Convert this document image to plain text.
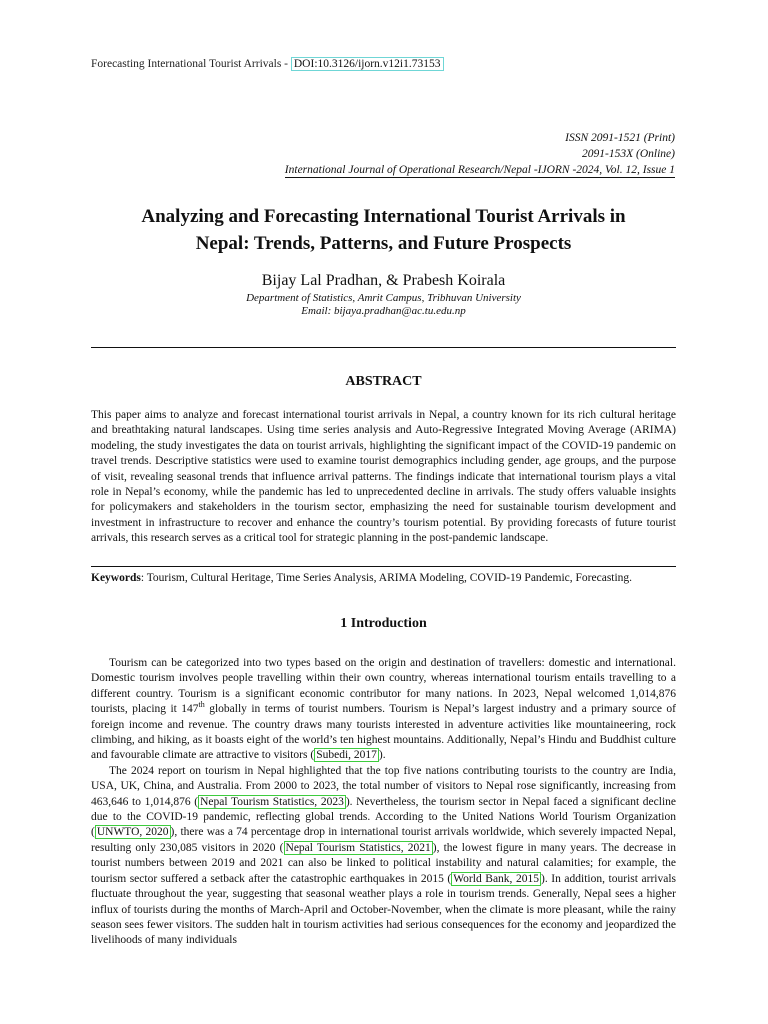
Forecasting International Tourist Arrivals - DOI:10.3126/ijorn.v12i1.73153
ISSN 2091-1521 (Print)
2091-153X (Online)
International Journal of Operational Research/Nepal -IJORN -2024, Vol. 12, Issue 1
Analyzing and Forecasting International Tourist Arrivals in
Nepal: Trends, Patterns, and Future Prospects
Bijay Lal Pradhan, & Prabesh Koirala
Department of Statistics, Amrit Campus, Tribhuvan University
Email: bijaya.pradhan@ac.tu.edu.np
ABSTRACT

This paper aims to analyze and forecast international tourist arrivals in Nepal, a country known for its rich cultural heritage and breathtaking natural landscapes. Using time series analysis and Auto-Regressive Integrated Moving Average (ARIMA) modeling, the study investigates the data on tourist arrivals, highlighting the significant impact of the COVID-19 pandemic on travel trends. Descriptive statistics were used to examine tourist demographics including gender, age groups, and the purpose of visit, revealing seasonal trends that influence arrival patterns. The findings indicate that international tourism plays a vital role in Nepal’s economy, while the pandemic has led to unprecedented decline in arrivals. The study offers valuable insights for policymakers and stakeholders in the tourism sector, emphasizing the need for sustainable tourism development and investment in infrastructure to recover and enhance the country’s tourism potential. By providing forecasts of future tourist arrivals, this research serves as a critical tool for strategic planning in the post-pandemic landscape.

Keywords: Tourism, Cultural Heritage, Time Series Analysis, ARIMA Modeling, COVID-19 Pandemic, Forecasting.
1 Introduction

Tourism can be categorized into two types based on the origin and destination of travellers: domestic and international. Domestic tourism involves people travelling within their own country, whereas international tourism entails travelling to a different country. Tourism is a significant economic contributor for many nations. In 2023, Nepal welcomed 1,014,876 tourists, placing it 147th globally in terms of tourist numbers. Tourism is Nepal’s largest industry and a primary source of foreign income and revenue. The country draws many tourists interested in adventure activities like mountaineering, rock climbing, and hiking, as it boasts eight of the world’s ten highest mountains. Additionally, Nepal’s Hindu and Buddhist culture and favourable climate are attractive to visitors ( Subedi, 2017 ).

The 2024 report on tourism in Nepal highlighted that the top five nations contributing tourists to the country are India, USA, UK, China, and Australia. From 2000 to 2023, the total number of visitors to Nepal rose significantly, increasing from 463,646 to 1,014,876 ( Nepal Tourism Statistics, 2023 ). Nevertheless, the tourism sector in Nepal faced a significant decline due to the COVID-19 pandemic, reflecting global trends. According to the United Nations World Tourism Organization ( UNWTO, 2020 ), there was a 74 percentage drop in international tourist arrivals worldwide, which severely impacted Nepal, resulting only 230,085 visitors in 2020 ( Nepal Tourism Statistics, 2021 ), the lowest figure in many years. The decrease in tourist numbers between 2019 and 2021 can also be linked to political instability and natural calamities; for example, the tourism sector suffered a setback after the catastrophic earthquakes in 2015 ( World Bank, 2015 ). In addition, tourist arrivals fluctuate throughout the year, suggesting that seasonal weather plays a role in tourism trends. Generally, Nepal sees a higher influx of tourists during the months of March-April and October-November, when the climate is more pleasant, while the rainy season sees fewer visitors. The sudden halt in tourism activities had serious consequences for the economy and jeopardized the livelihoods of many individuals
